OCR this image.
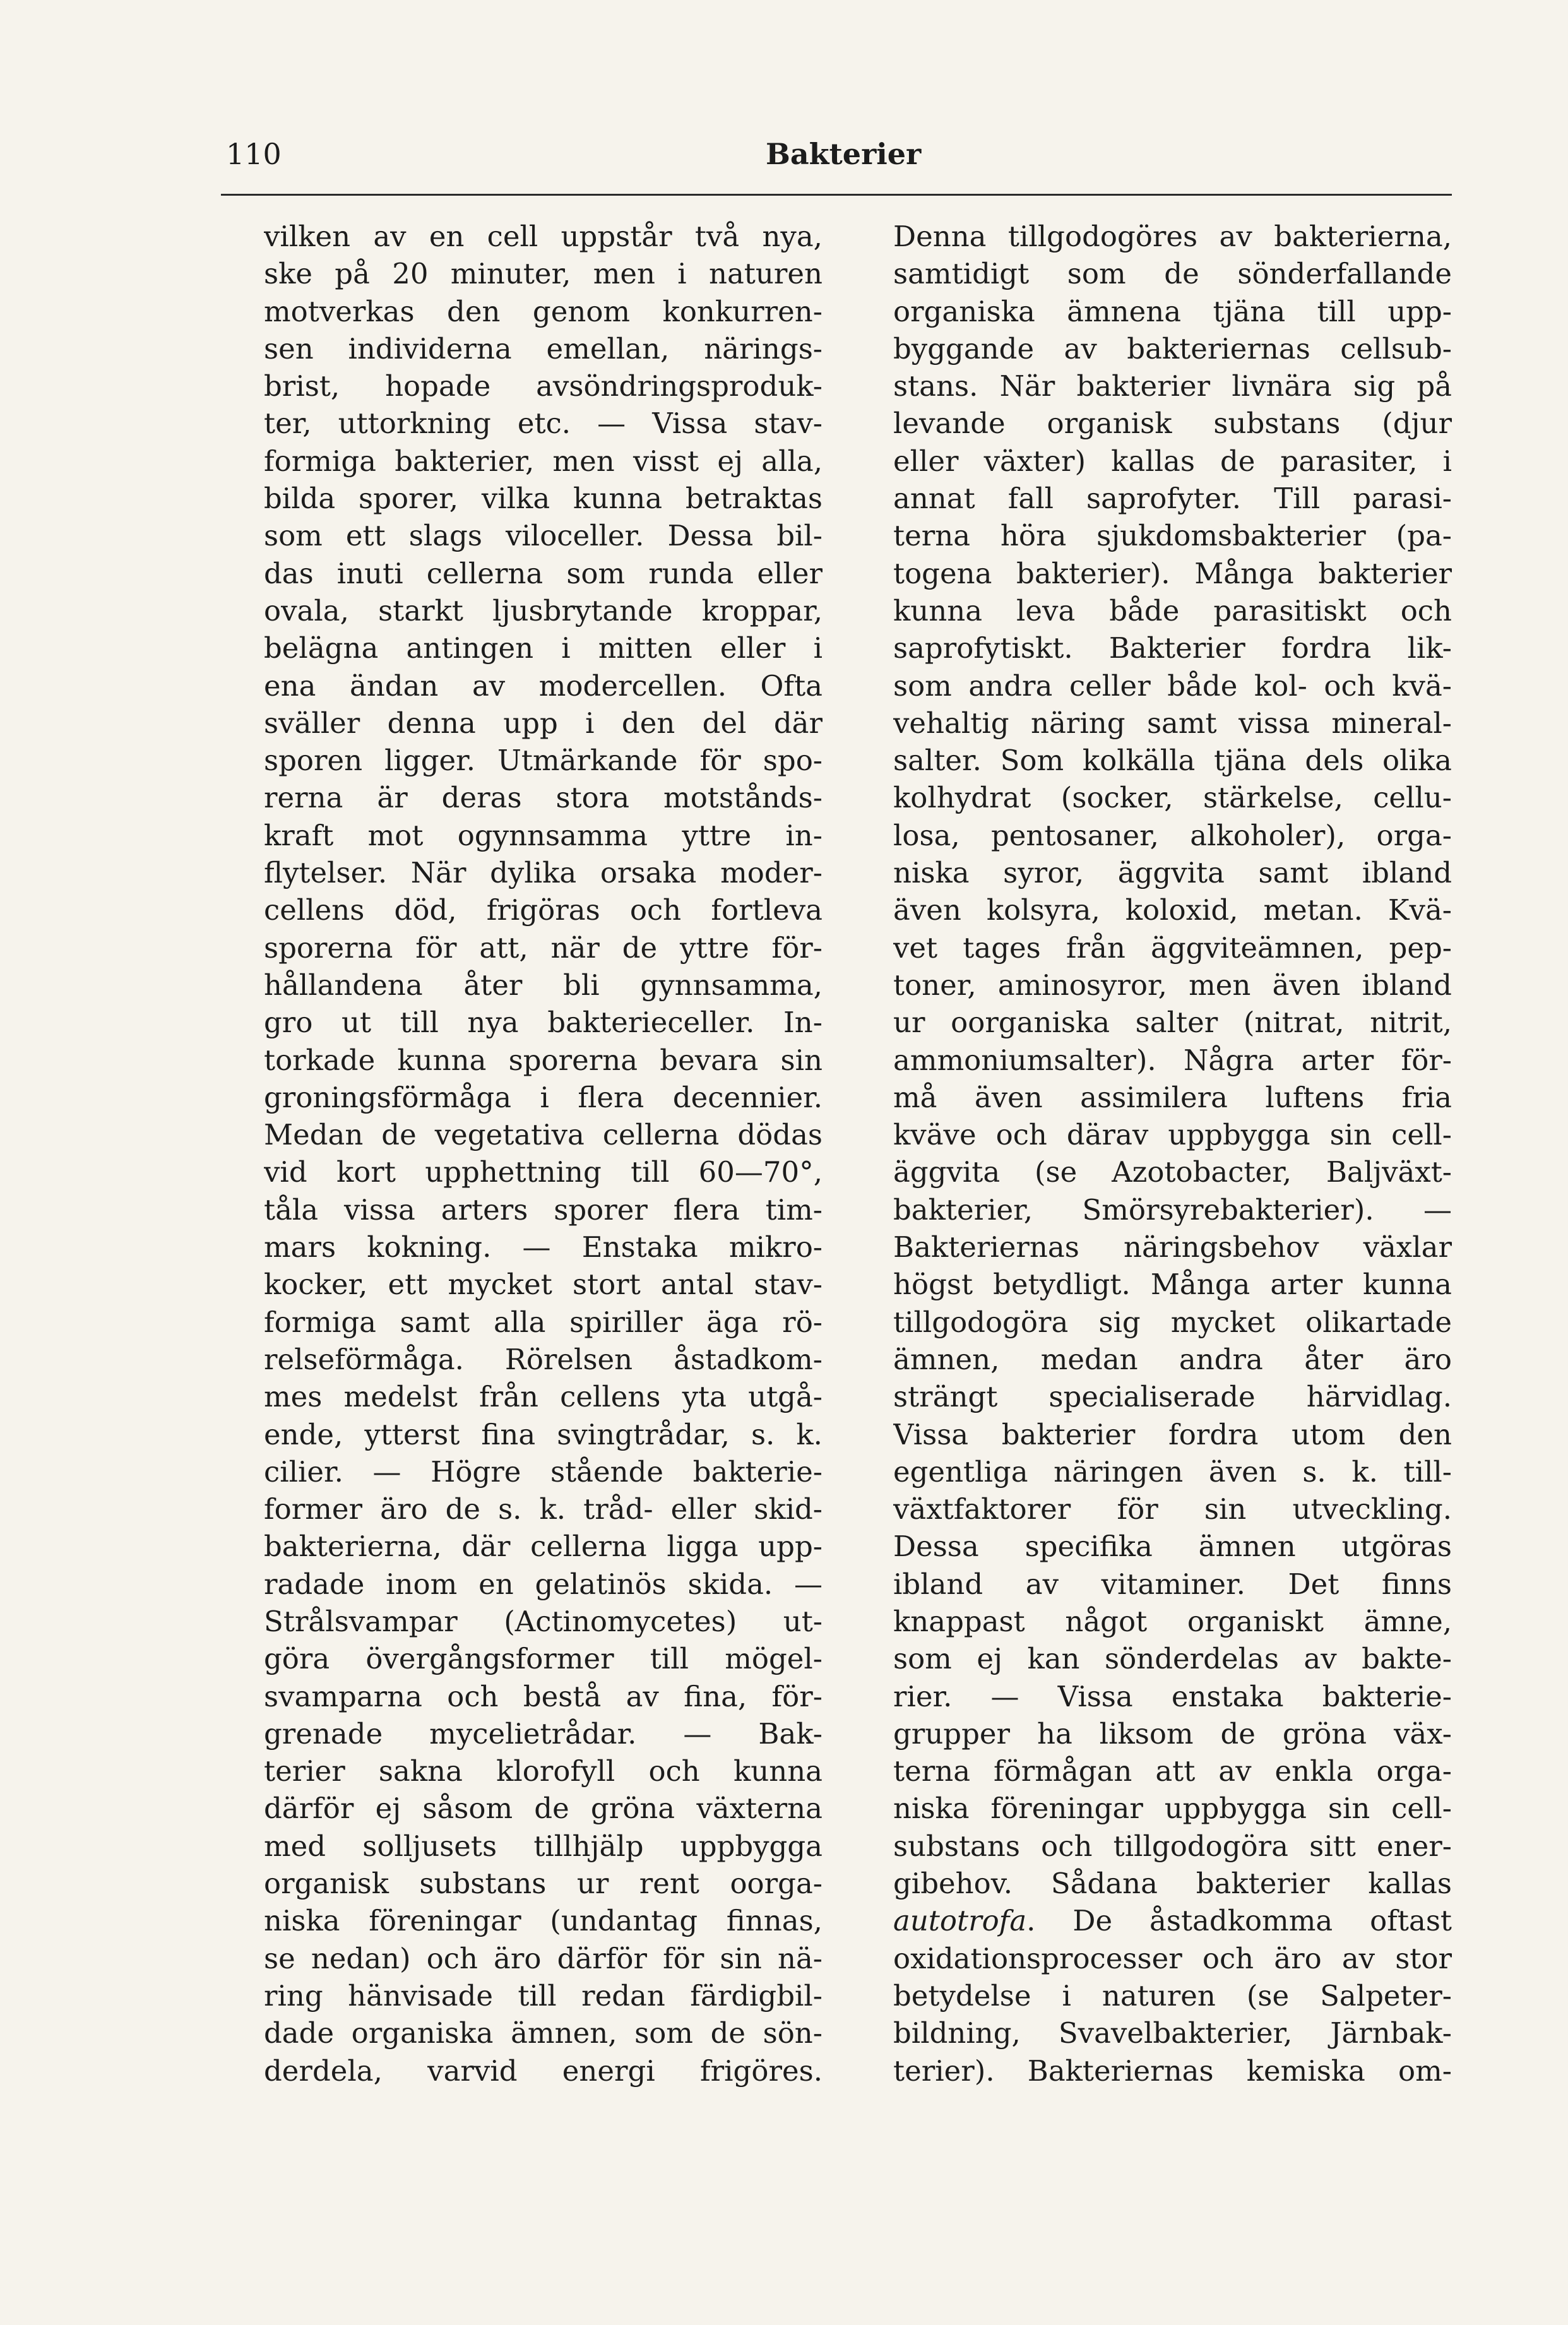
110	Bakterier
vilken av en cell uppstår två nya,
ske på 20 minuter, men i naturen
motverkas den genom konkurren-
sen individerna emellan, närings-
brist, hopade avsöndringsproduk-
ter, uttorkning etc. — Vissa stav-
formiga bakterier, men visst ej alla,
bilda sporer, vilka kunna betraktas
som ett slags viloceller. Dessa bil-
das inuti cellerna som runda eller
ovala, starkt ljusbrytande kroppar,
belägna antingen i mitten eller i
ena ändan av modercellen. Ofta
sväller denna upp i den del där
sporen ligger. Utmärkande för spo-
rerna är deras stora motstånds-
kraft mot ogynnsamma yttre in-
flytelser. När dylika orsaka moder-
cellens död, frigöras och fortleva
sporerna för att, när de yttre för-
hållandena åter bli gynnsamma,
gro ut till nya bakterieceller. In-
torkade kunna sporerna bevara sin
groningsförmåga i flera decennier.
Medan de vegetativa cellerna dödas
vid kort upphettning till 60—70°,
tåla vissa arters sporer flera tim-
mars kokning. — Enstaka mikro-
kocker, ett mycket stort antal stav-
formiga samt alla spiriller äga rö-
relseförmåga. Rörelsen åstadkom-
mes medelst från cellens yta utgå-
ende, ytterst fina svingtrådar, s. k.
cilier. — Högre stående bakterie-
former äro de s. k. tråd- eller skid-
bakterierna, där cellerna ligga upp-
radade inom en gelatinös skida. —
Strålsvampar (Actinomycetes) ut-
göra övergångsformer till mögel-
svamparna och bestå av fina, för-
grenade mycelietrådar. — Bak-
terier sakna klorofyll och kunna
därför ej såsom de gröna växterna
med solljusets tillhjälp uppbygga
organisk substans ur rent oorga-
niska föreningar (undantag finnas,
se nedan) och äro därför för sin nä-
ring hänvisade till redan färdigbil-
dade organiska ämnen, som de sön-
derdela, varvid energi frigöres.
Denna tillgodogöres av bakterierna,
samtidigt som de sönderfallande
organiska ämnena tjäna till upp-
byggande av bakteriernas cellsub-
stans. När bakterier livnära sig på
levande organisk substans (djur
eller växter) kallas de parasiter, i
annat fall saprofyter. Till parasi-
terna höra sjukdomsbakterier (pa-
togena bakterier). Många bakterier
kunna leva både parasitiskt och
saprofytiskt. Bakterier fordra lik-
som andra celler både kol- och kvä-
vehaltig näring samt vissa mineral-
salter. Som kolkälla tjäna dels olika
kolhydrat (socker, stärkelse, cellu-
losa, pentosaner, alkoholer), orga-
niska syror, äggvita samt ibland
även kolsyra, koloxid, metan. Kvä-
vet tages från äggviteämnen, pep-
toner, aminosyror, men även ibland
ur oorganiska salter (nitrat, nitrit,
ammoniumsalter). Några arter för-
må även assimilera luftens fria
kväve och därav uppbygga sin cell-
äggvita (se Azotobacter, Baljväxt-
bakterier, Smörsyrebakterier). —
Bakteriernas näringsbehov växlar
högst betydligt. Många arter kunna
tillgodogöra sig mycket olikartade
ämnen, medan andra åter äro
strängt specialiserade härvidlag.
Vissa bakterier fordra utom den
egentliga näringen även s. k. till-
växtfaktorer för sin utveckling.
Dessa specifika ämnen utgöras
ibland av vitaminer. Det finns
knappast något organiskt ämne,
som ej kan sönderdelas av bakte-
rier. — Vissa enstaka bakterie-
grupper ha liksom de gröna väx-
terna förmågan att av enkla orga-
niska föreningar uppbygga sin cell-
substans och tillgodogöra sitt ener-
gibehov. Sådana bakterier kallas
autotrofa. De åstadkomma oftast
oxidationsprocesser och äro av stor
betydelse i naturen (se Salpeter-
bildning, Svavelbakterier, Järnbak-
terier). Bakteriernas kemiska om-
